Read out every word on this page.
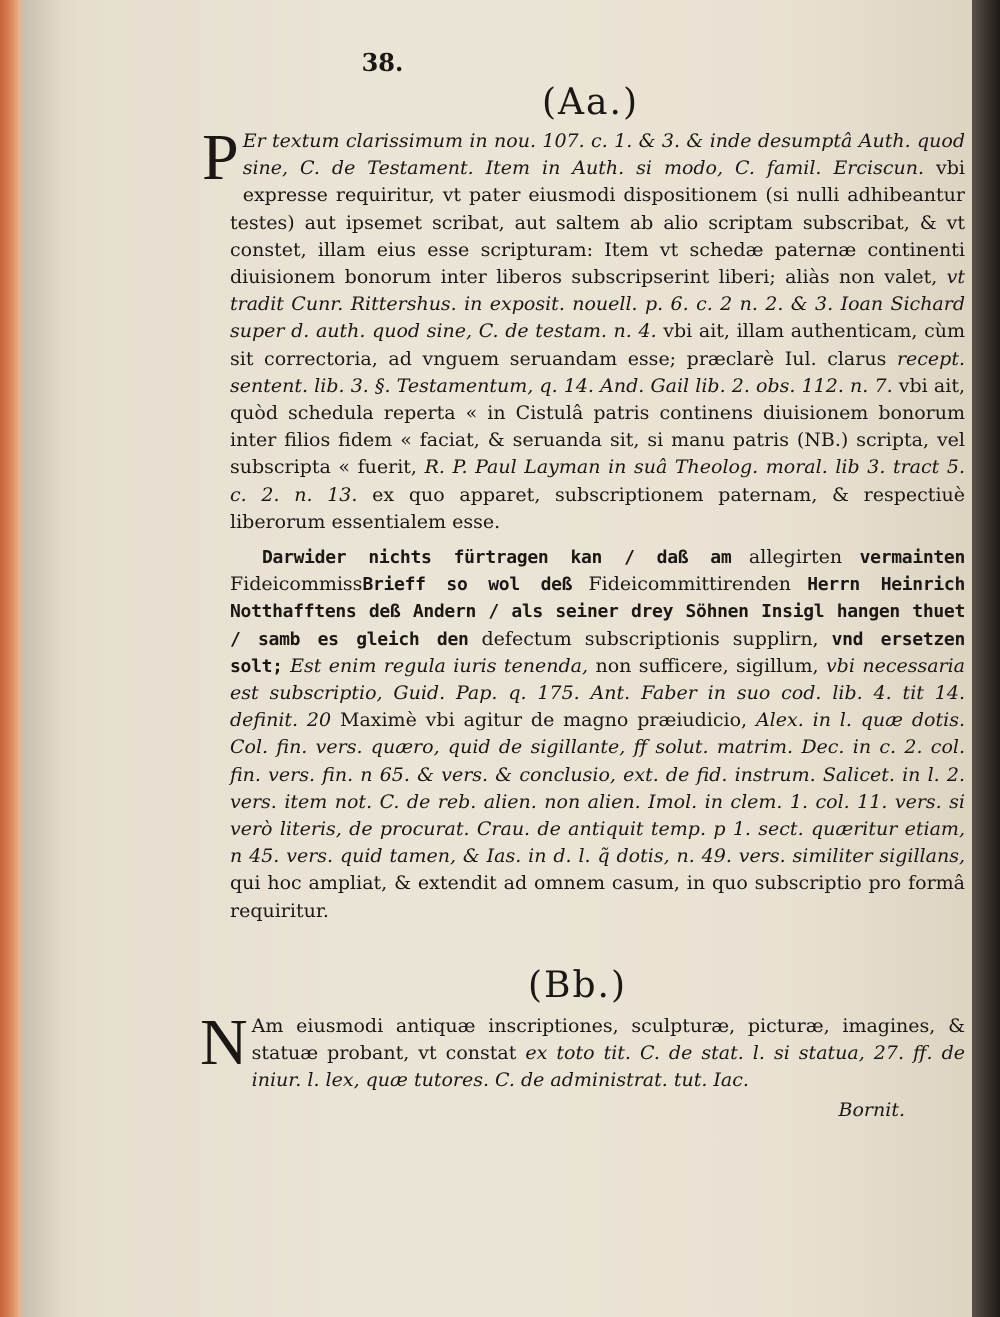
38.
(Aa.)

P Er textum clarissimum in nou. 107. c. 1. & 3. & inde desumptâ Auth. quod sine, C. de Testament. Item in Auth. si modo, C. famil. Erciscun. vbi expresse requiritur, vt pater eiusmodi dispositionem (si nulli adhibeantur testes) aut ipsemet scribat, aut saltem ab alio scriptam subscribat, & vt constet, illam eius esse scripturam: Item vt schedæ paternæ continenti diuisionem bonorum inter liberos subscripserint liberi; aliàs non valet, vt tradit Cunr. Rittershus. in exposit. nouell. p. 6. c. 2 n. 2. & 3. Ioan Sichard super d. auth. quod sine, C. de testam. n. 4. vbi ait, illam authenticam, cùm sit correctoria, ad vnguem seruandam esse; præclarè Iul. clarus recept. sentent. lib. 3. §. Testamentum, q. 14. And. Gail lib. 2. obs. 112. n. 7. vbi ait, quòd schedula reperta « in Cistulâ patris continens diuisionem bonorum inter filios fidem « faciat, & seruanda sit, si manu patris (NB.) scripta, vel subscripta « fuerit, R. P. Paul Layman in suâ Theolog. moral. lib 3. tract 5. c. 2. n. 13. ex quo apparet, subscriptionem paternam, & respectiuè liberorum essentialem esse.

Darwider nichts fürtragen kan / daß am allegirten vermainten FideicommissBrieff so wol deß Fideicommittirenden Herrn Heinrich Notthafftens deß Andern / als seiner drey Söhnen Insigl hangen thuet / samb es gleich den defectum subscriptionis supplirn, vnd ersetzen solt; Est enim regula iuris tenenda, non sufficere, sigillum, vbi necessaria est subscriptio, Guid. Pap. q. 175. Ant. Faber in suo cod. lib. 4. tit 14. definit. 20 Maximè vbi agitur de magno præiudicio, Alex. in l. quæ dotis. Col. fin. vers. quæro, quid de sigillante, ff solut. matrim. Dec. in c. 2. col. fin. vers. fin. n 65. & vers. & conclusio, ext. de fid. instrum. Salicet. in l. 2. vers. item not. C. de reb. alien. non alien. Imol. in clem. 1. col. 11. vers. si verò literis, de procurat. Crau. de antiquit temp. p 1. sect. quæritur etiam, n 45. vers. quid tamen, & Ias. in d. l. q̃ dotis, n. 49. vers. similiter sigillans, qui hoc ampliat, & extendit ad omnem casum, in quo subscriptio pro formâ requiritur.

(Bb.)

N Am eiusmodi antiquæ inscriptiones, sculpturæ, picturæ, imagines, & statuæ probant, vt constat ex toto tit. C. de stat. l. si statua, 27. ff. de iniur. l. lex, quæ tutores. C. de administrat. tut. Iac.

Bornit.
